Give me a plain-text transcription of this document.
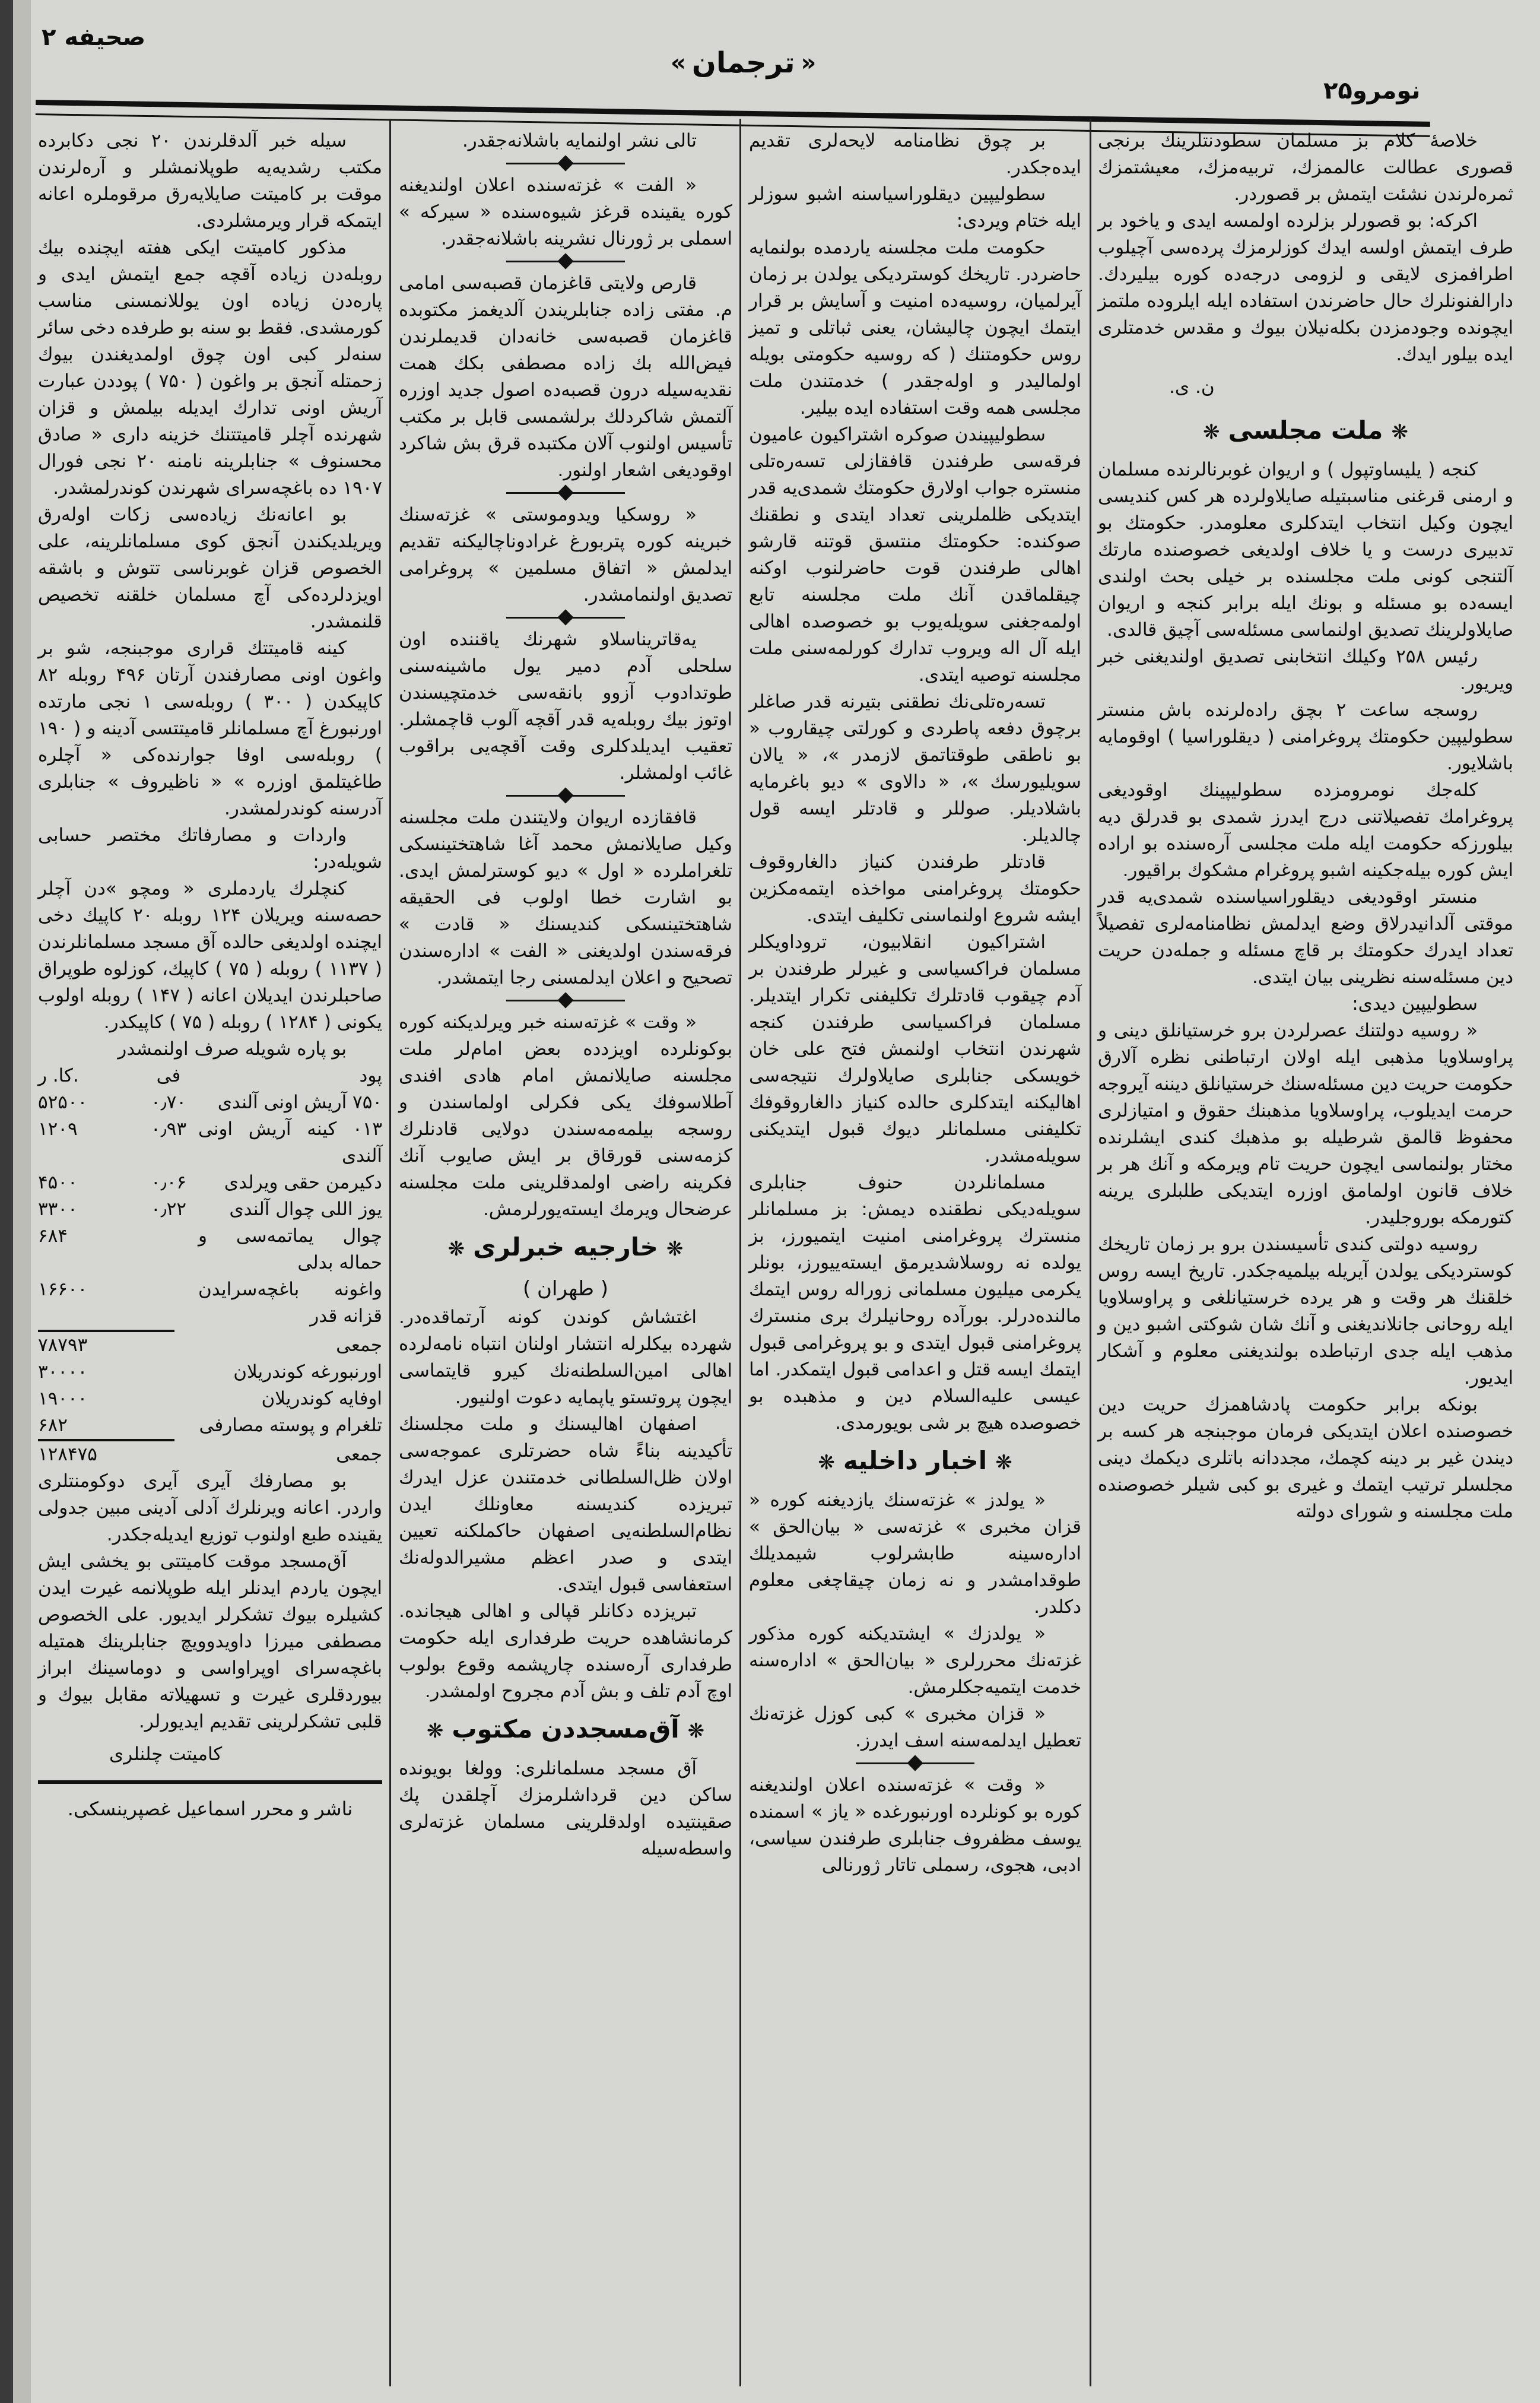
صحیفه ۲
«
ترجمان
»
نومرو۲۵

خلاصهٔ کلام بز مسلمان سطودنتلرینك برنجی قصوری عطالت عالممزك، تربیه‌مزك، معیشتمزك ثمره‌لرندن نشئت ایتمش بر قصوردر.

اکرکه: بو قصورلر بزلرده اولمسه ایدی و یاخود بر طرف ایتمش اولسه ایدك کوزلرمزك پرده‌سی آچیلوب اطرافمزی لایقی و لزومی درجه‌ده کوره بیلیردك. دارالفنونلرك حال حاضرندن استفاده ایله ایلروده ملتمز ایچونده وجودمزدن بکله‌نیلان بیوك و مقدس خدمتلری ایده بیلور ایدك.

ن. ی.
❋ملت مجلسی❋

کنجه ( یلیساوتپول ) و اریوان غوبرنالرنده مسلمان و ارمنی قرغنی مناسبتیله صایلاولرده هر کس کندیسی ایچون وکیل انتخاب ایتدکلری معلومدر. حکومتك بو تدبیری درست و یا خلاف اولدیغی خصوصنده مارتك آلتنجی کونی ملت مجلسنده بر خیلی بحث اولندی ایسه‌ده بو مسئله و بونك ایله برابر کنجه و اریوان صایلاولرینك تصدیق اولنماسی مسئله‌سی آچیق قالدی.

رئیس ۲۵۸ وکیلك انتخابنی تصدیق اولندیغنی خبر ویریور.

روسجه ساعت ۲ بچق راده‌لرنده باش منستر سطولیپین حکومتك پروغرامنی ( دیقلوراسیا ) اوقومایه باشلایور.

کله‌جك نومرومزده سطولیپینك اوقودیغی پروغرامك تفصیلاتنی درج ایدرز شمدی بو قدرلق دیه بیلورزکه حکومت ایله ملت مجلسی آره‌سنده بو اراده ایش کوره بیله‌جکینه اشبو پروغرام مشکوك براقیور.

منستر اوقودیغی دیقلوراسیاسنده شمدی‌یه قدر موقتی آلدانیدرلاق وضع ایدلمش نظامنامه‌لری تفصیلاً تعداد ایدرك حکومتك بر قاچ مسئله و جمله‌دن حریت دین مسئله‌سنه نظرینی بیان ایتدی.

سطولیپین دیدی:

« روسیه دولتنك عصرلردن برو خرستیانلق دینی و پراوسلاویا مذهبی ایله اولان ارتباطنی نظره آلارق حکومت حریت دین مسئله‌سنك خرستیانلق دیننه آیروجه حرمت ایدیلوب، پراوسلاویا مذهبنك حقوق و امتیازلری محفوظ قالمق شرطیله بو مذهبك کندی ایشلرنده مختار بولنماسی ایچون حریت تام ویرمکه و آنك هر بر خلاف قانون اولمامق اوزره ایتدیکی طلبلری یرینه کتورمکه بوروجلیدر.

روسیه دولتی کندی تأسیسندن برو بر زمان تاریخك کوستردیکی یولدن آیریله بیلمیه‌جکدر. تاریخ ایسه روس خلقنك هر وقت و هر یرده خرستیانلغی و پراوسلاویا ایله روحانی جانلاندیغنی و آنك شان شوکتی اشبو دین و مذهب ایله جدی ارتباطده بولندیغنی معلوم و آشکار ایدیور.

بونکه برابر حکومت پادشاهمزك حریت دین خصوصنده اعلان ایتدیکی فرمان موجبنجه هر کسه بر دیندن غیر بر دینه کچمك، مجددانه باتلری دیکمك دینی مجلسلر ترتیب ایتمك و غیری بو کبی شیلر خصوصنده ملت مجلسنه و شورای دولته

بر چوق نظامنامه لایحه‌لری تقدیم ایده‌جکدر.

سطولیپین دیقلوراسیاسنه اشبو سوزلر ایله ختام ویردی:

حکومت ملت مجلسنه یاردمده بولنمایه حاضردر. تاریخك کوستردیکی یولدن بر زمان آیرلمیان، روسیه‌ده امنیت و آسایش بر قرار ایتمك ایچون چالیشان، یعنی ثباتلی و تمیز روس حکومتنك ( که روسیه حکومتی بویله اولمالیدر و اوله‌جقدر ) خدمتندن ملت مجلسی همه وقت استفاده ایده بیلیر.

سطولیپیندن صوکره اشتراکیون عامیون فرقه‌سی طرفندن قافقازلی تسه‌ره‌تلی منستره جواب اولارق حکومتك شمدی‌یه قدر ایتدیکی ظلملرینی تعداد ایتدی و نطقنك صوکنده: حکومتك منتسق قوتنه قارشو اهالی طرفندن قوت حاضرلنوب اوکنه چیقلماقدن آنك ملت مجلسنه تابع اولمه‌جغنی سویله‌یوب بو خصوصده اهالی ایله آل اله ویروب تدارك کورلمه‌سنی ملت مجلسنه توصیه ایتدی.

تسه‌ره‌تلی‌نك نطقنی بتیرنه قدر صاغلر برچوق دفعه پاطردی و کورلتی چیقاروب « بو ناطقی طوقتاتمق لازمدر »، « یالان سویلیورسك »، « دالاوی » دیو باغرمایه باشلادیلر. صوللر و قادتلر ایسه قول چالدیلر.

قادتلر طرفندن کنیاز دالغاروقوف حکومتك پروغرامنی مواخذه ایتمه‌مکزین ایشه شروع اولنماسنی تکلیف ایتدی.

اشتراکیون انقلابیون، تروداویکلر مسلمان فراکسیاسی و غیرلر طرفندن بر آدم چیقوب قادتلرك تکلیفنی تکرار ایتدیلر. مسلمان فراکسیاسی طرفندن کنجه شهرندن انتخاب اولنمش فتح علی خان خویسکی جنابلری صایلاولرك نتیجه‌سی اهالیکنه ایتدکلری حالده کنیاز دالغاروقوفك تکلیفنی مسلمانلر دیوك قبول ایتدیکنی سویله‌مشدر.

مسلمانلردن حنوف جنابلری سویله‌دیکی نطقنده دیمش: بز مسلمانلر منسترك پروغرامنی امنیت ایتمیورز، بز یولده نه روسلاشدیرمق ایسته‌ییورز، بونلر یکرمی میلیون مسلمانی زوراله روس ایتمك مالنده‌درلر. بورآده روحانیلرك بری منسترك پروغرامنی قبول ایتدی و بو پروغرامی قبول ایتمك ایسه قتل و اعدامی قبول ایتمکدر. اما عیسی علیه‌السلام دین و مذهبده بو خصوصده هیچ بر شی بویورمدی.

❋اخبار داخلیه❋

« یولدز » غزته‌سنك یازدیغنه کوره « قزان مخبری » غزته‌سی « بیان‌الحق » اداره‌سینه طابشرلوب شیمدیلك طوقدامشدر و نه زمان چیقاچغی معلوم دکلدر.

« یولدزك » ایشتدیکنه کوره مذکور غزته‌نك محررلری « بیان‌الحق » اداره‌سنه خدمت ایتمیه‌جکلرمش.

« قزان مخبری » کبی کوزل غزته‌نك تعطیل ایدلمه‌سنه اسف ایدرز.

« وقت » غزته‌سنده اعلان اولندیغنه کوره بو کونلرده اورنبورغده « یاز » اسمنده یوسف مظفروف جنابلری طرفندن سیاسی، ادبی، هجوی، رسملی تاتار ژورنالی

تالی نشر اولنمایه باشلانه‌جقدر.

« الفت » غزته‌سنده اعلان اولندیغنه کوره یقینده قرغز شیوه‌سنده « سیرکه » اسملی بر ژورنال نشرینه باشلانه‌جقدر.

قارص ولایتی قاغزمان قصبه‌سی امامی م. مفتی زاده جنابلریندن آلدیغمز مکتوبده قاغزمان قصبه‌سی خانه‌دان قدیملرندن فیض‌الله بك زاده مصطفی بکك همت نقدیه‌سیله درون قصبه‌ده اصول جدید اوزره آلتمش شاکردلك برلشمسی قابل بر مکتب تأسیس اولنوب آلان مکتبده قرق بش شاکرد اوقودیغی اشعار اولنور.

« روسکیا ویدوموستی » غزته‌سنك خبرینه کوره پتربورغ غرادوناچالیکنه تقدیم ایدلمش « اتفاق مسلمین » پروغرامی تصدیق اولنمامشدر.

یه‌قاترینا‌سلاو شهرنك یاقننده اون سلحلی آدم دمیر یول ماشینه‌سنی طوتدادوب آزوو بانقه‌سی خدمتچیسندن اوتوز بیك روبله‌یه قدر آقچه آلوب قاچمشلر. تعقیب ایدیلدکلری وقت آقچه‌یی براقوب غائب اولمشلر.

قافقازده اریوان ولایتندن ملت مجلسنه وکیل صایلانمش محمد آغا شاهتختینسکی تلغراملرده « اول » دیو کوسترلمش ایدی. بو اشارت خطا اولوب فی الحقیقه شاهتختینسکی کندیسنك « قادت » فرقه‌سندن اولدیغنی « الفت » اداره‌سندن تصحیح و اعلان ایدلمسنی رجا ایتمشدر.

« وقت » غزته‌سنه خبر ویرلدیکنه کوره بوکونلرده اویزدده بعض امام‌لر ملت مجلسنه صایلانمش امام هادی افندی آطلاسوفك یکی فکرلی اولماسندن و روسجه بیلمه‌مه‌سندن دولایی قادنلرك کزمه‌سنی قورقاق بر ایش صایوب آنك فکرینه راضی اولمدقلرینی ملت مجلسنه عرضحال ویرمك ایسته‌یورلرمش.

❋خارجیه خبرلری❋
( طهران )

اغتشاش کوندن کونه آرتماقده‌در. شهرده بیکلرله انتشار اولنان انتباه نامه‌لرده اهالی امین‌السلطنه‌نك کیرو قایتماسی ایچون پروتستو یاپمایه دعوت اولنیور.

اصفهان اهالیسنك و ملت مجلسنك تأکیدینه بناءً شاه حضرتلری عموجه‌سی اولان ظل‌السلطانی خدمتندن عزل ایدرك تبریزده کندیسنه معاونلك ایدن نظام‌السلطنه‌یی اصفهان حاکملکنه تعیین ایتدی و صدر اعظم مشیرالدوله‌نك استعفاسی قبول ایتدی.

تبریزده دکانلر قپالی و اهالی هیجانده. کرمانشاهده حریت طرفداری ایله حکومت طرفداری آره‌سنده چارپشمه وقوع بولوب اوچ آدم تلف و بش آدم مجروح اولمشدر.

❋آق‌مسجددن مکتوب❋

آق مسجد مسلمانلری: وولغا بویونده ساکن دین قرداشلرمزك آچلقدن پك صقینتیده اولدقلرینی مسلمان غزته‌لری واسطه‌سیله

سیله خبر آلدقلرندن ۲۰ نجی دکابرده مکتب رشدیه‌یه طوپلانمشلر و آره‌لرندن موقت بر کامیتت صایلایه‌رق مرقوملره اعانه ایتمکه قرار ویرمشلردی.

مذکور کامیتت ایکی هفته ایچنده بیك روبله‌دن زیاده آقچه جمع ایتمش ایدی و پاره‌دن زیاده اون یوللانمسنی مناسب کورمشدی. فقط بو سنه بو طرفده دخی سائر سنه‌لر کبی اون چوق اولمدیغندن بیوك زحمتله آنجق بر واغون ( ۷۵۰ ) پوددن عبارت آریش اونی تدارك ایدیله بیلمش و قزان شهرنده آچلر قامیتتنك خزینه داری « صادق محسنوف » جنابلرینه نامنه ۲۰ نجی فورال ۱۹۰۷ ده باغچه‌سرای شهرندن کوندرلمشدر.

بو اعانه‌نك زیاده‌سی زکات اوله‌رق ویریلدیکندن آنجق کوی مسلمانلرینه، علی الخصوص قزان غوبرناسی تتوش و باشقه اویزدلرده‌کی آچ مسلمان خلقنه تخصیص قلنمشدر.

کینه قامیتتك قراری موجبنجه، شو بر واغون اونی مصارفندن آرتان ۴۹۶ روبله ۸۲ کاپیکدن ( ۳۰۰ ) روبله‌سی ۱ نجی مارتده اورنبورغ آچ مسلمانلر قامیتتسی آدینه و ( ۱۹۰ ) روبله‌سی اوفا جوارنده‌کی « آچلره طاغیتلمق اوزره » « ناظیروف » جنابلری آدرسنه کوندرلمشدر.

واردات و مصارفاتك مختصر حسابی شویله‌در:

کنچلرك یاردملری « ومچو »دن آچلر حصه‌سنه ویریلان ۱۲۴ روبله ۲۰ کاپیك دخی ایچنده اولدیغی حالده آق مسجد مسلمانلرندن ( ۱۱۳۷ ) روبله ( ۷۵ ) کاپیك، کوزلوه طوپراق صاحبلرندن ایدیلان اعانه ( ۱۴۷ ) روبله اولوب یکونی ( ۱۲۸۴ ) روبله ( ۷۵ ) کاپیکدر.

بو پاره شویله صرف اولنمشدر

پود
فی
کا. ر.
۷۵۰ آریش اونی آلندی
۰٫۷۰
۵۲۵۰۰
۰۱۳ کینه آریش اونی آلندی
۰٫۹۳
۱۲۰۹
دکیرمن حقی ویرلدی
۰٫۰۶
۴۵۰۰
یوز اللی چوال آلندی
۰٫۲۲
۳۳۰۰
چوال یماتمه‌سی و حماله بدلی
۶۸۴
واغونه باغچه‌سرایدن قزانه قدر
۱۶۶۰۰
جمعی
۷۸۷۹۳
اورنبورغه کوندریلان
۳۰۰۰۰
اوفایه کوندریلان
۱۹۰۰۰
تلغرام و پوسته مصارفی
۶۸۲
جمعی
۱۲۸۴۷۵

بو مصارفك آیری آیری دوکومنتلری واردر. اعانه ویرنلرك آدلی آدینی مبین جدولی یقینده طبع اولنوب توزیع ایدیله‌جکدر.

آق‌مسجد موقت کامیتتی بو یخشی ایش ایچون یاردم ایدنلر ایله طوپلانمه غیرت ایدن کشیلره بیوك تشکرلر ایدیور. علی الخصوص مصطفی میرزا داویدوویچ جنابلرینك همتیله باغچه‌سرای اوپراواسی و دوماسینك ابراز بیوردقلری غیرت و تسهیلاته مقابل بیوك و قلبی تشکرلرینی تقدیم ایدیورلر.

کامیتت چلنلری
ناشر و محرر اسماعیل غصپرینسکی.
